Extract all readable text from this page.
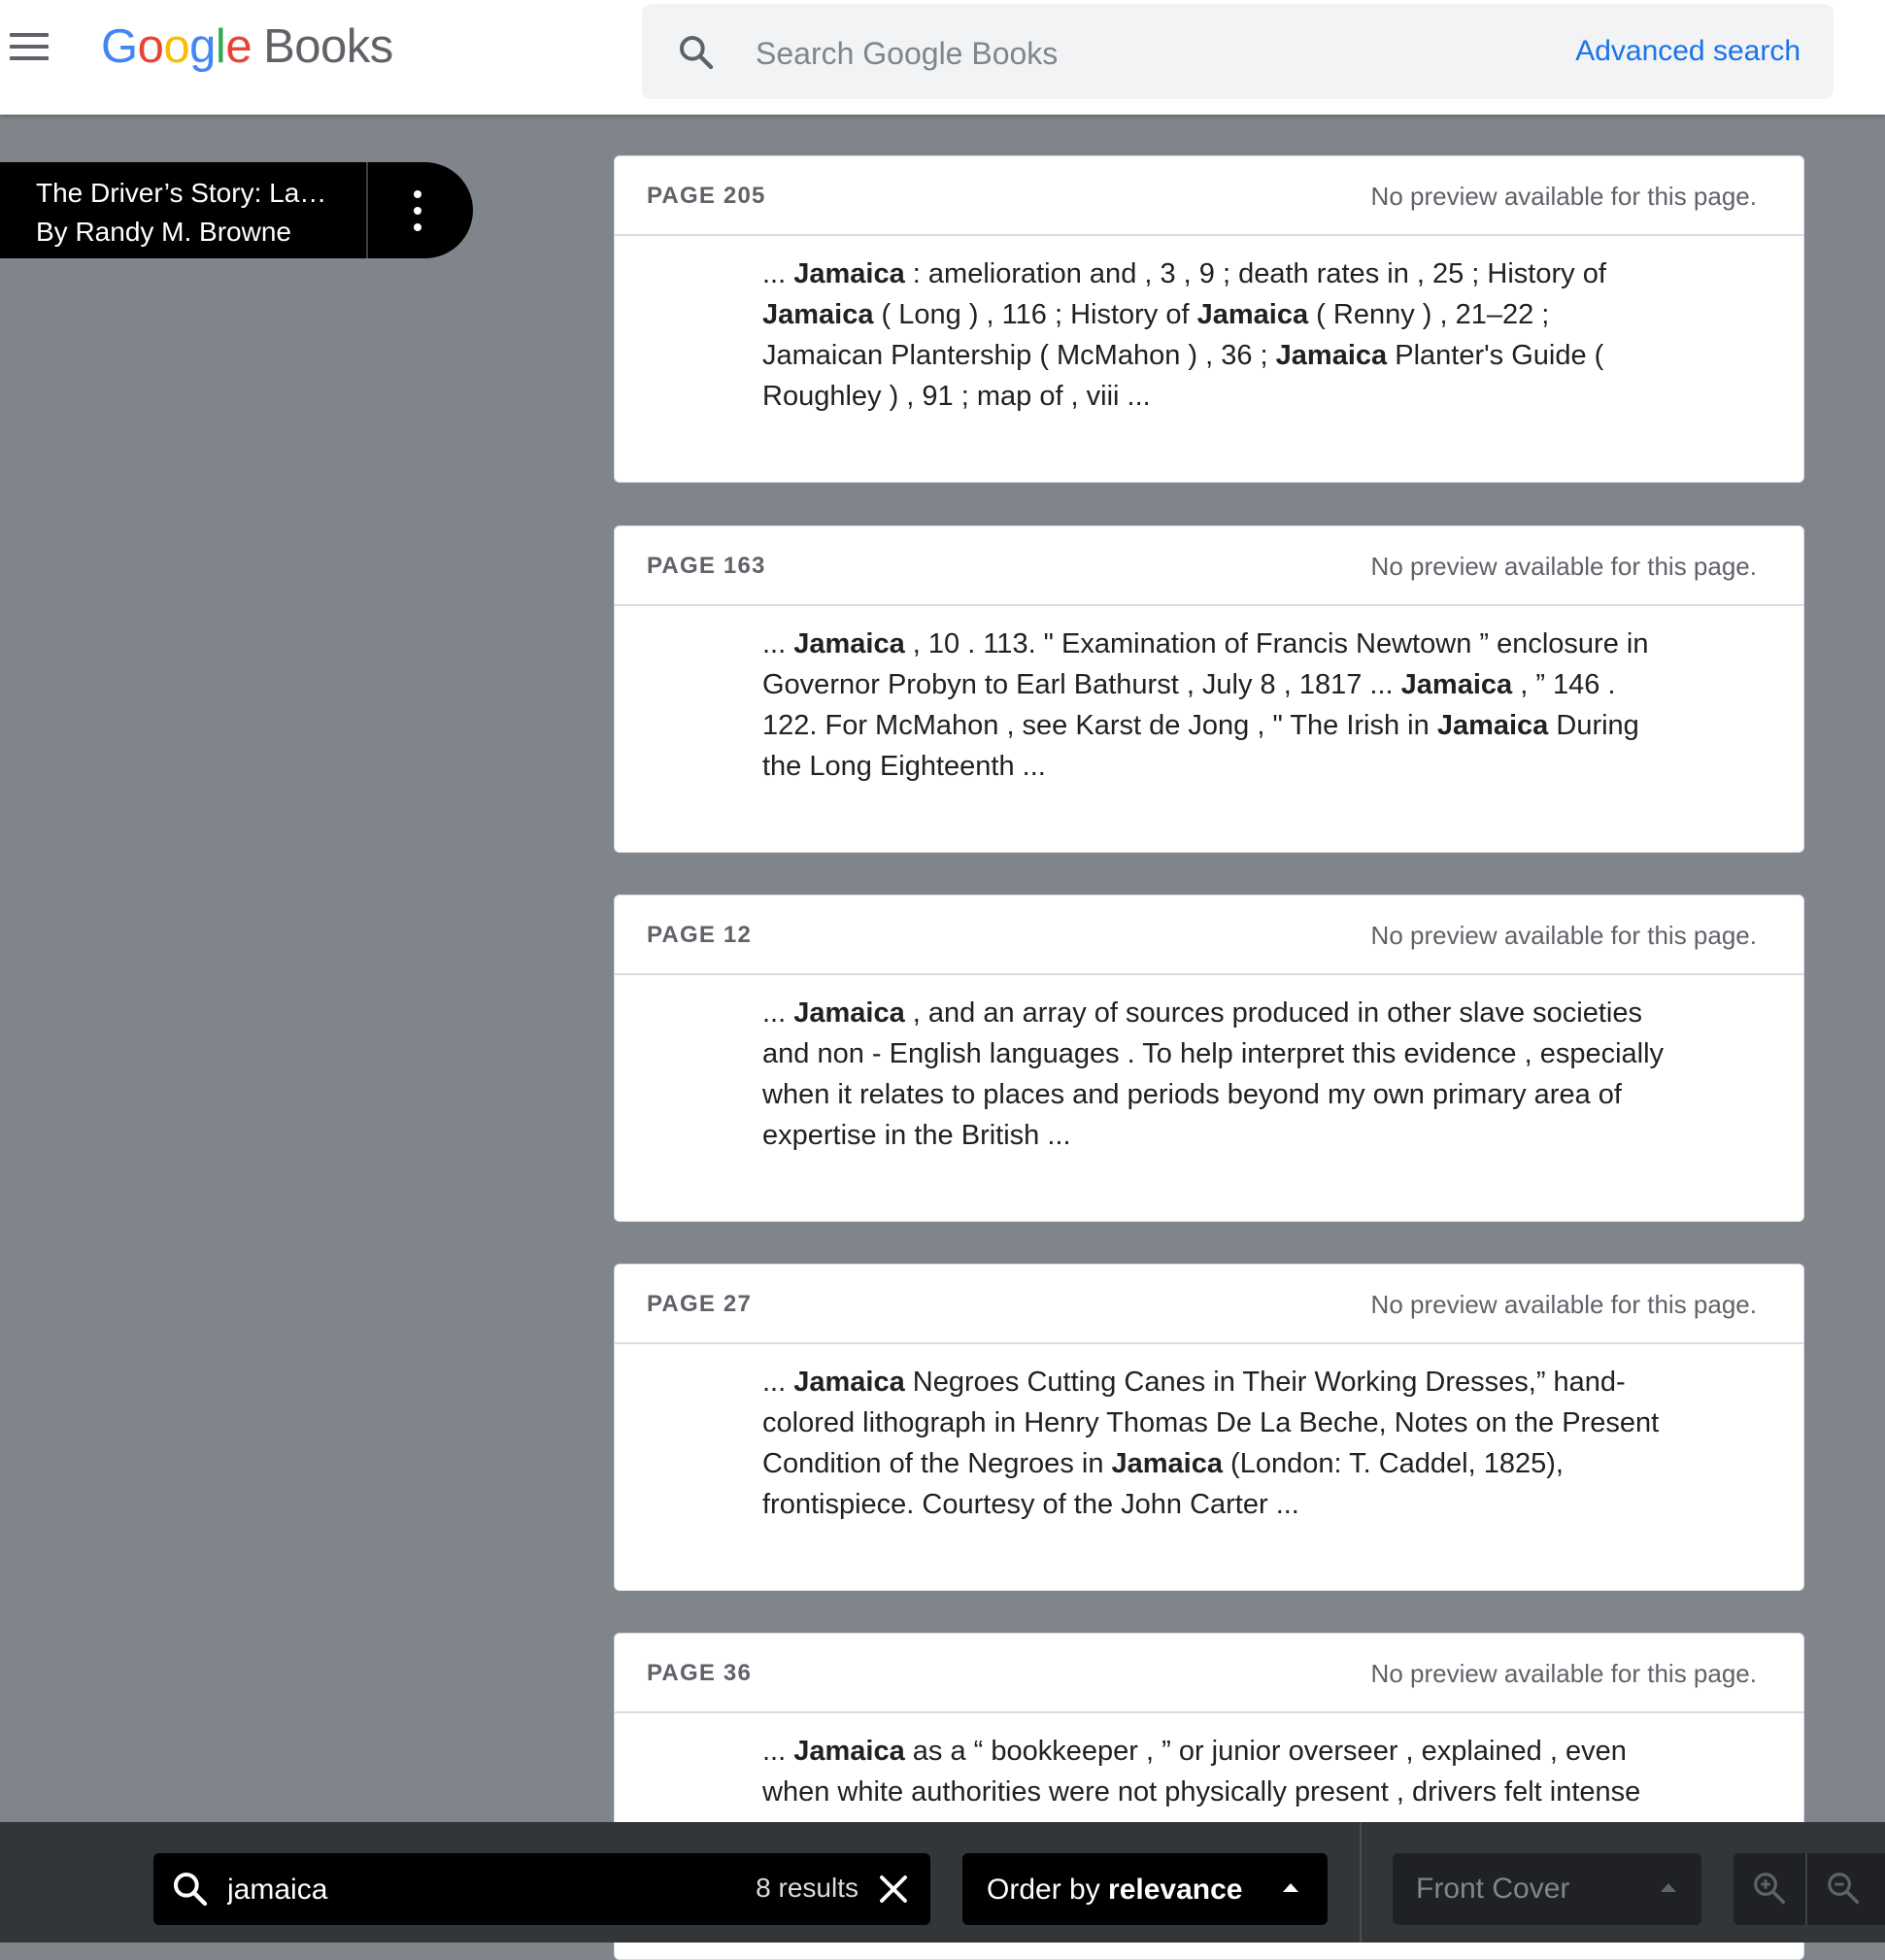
Google Books
Search Google Books	Advanced search
The Driver’s Story: La…
By Randy M. Browne
PAGE 205	No preview available for this page.
... Jamaica : amelioration and , 3 , 9 ; death rates in , 25 ; History of Jamaica ( Long ) , 116 ; History of Jamaica ( Renny ) , 21–22 ; Jamaican Plantership ( McMahon ) , 36 ; Jamaica Planter's Guide ( Roughley ) , 91 ; map of , viii ...
PAGE 163	No preview available for this page.
... Jamaica , 10 . 113. " Examination of Francis Newtown ” enclosure in Governor Probyn to Earl Bathurst , July 8 , 1817 ... Jamaica , ” 146 . 122. For McMahon , see Karst de Jong , " The Irish in Jamaica During the Long Eighteenth ...
PAGE 12	No preview available for this page.
... Jamaica , and an array of sources produced in other slave societies and non - English languages . To help interpret this evidence , especially when it relates to places and periods beyond my own primary area of expertise in the British ...
PAGE 27	No preview available for this page.
... Jamaica Negroes Cutting Canes in Their Working Dresses,” hand-colored lithograph in Henry Thomas De La Beche, Notes on the Present Condition of the Negroes in Jamaica (London: T. Caddel, 1825), frontispiece. Courtesy of the John Carter ...
PAGE 36	No preview available for this page.
... Jamaica as a “ bookkeeper , ” or junior overseer , explained , even when white authorities were not physically present , drivers felt intense
jamaica
8 results	Order by relevance	Front Cover
